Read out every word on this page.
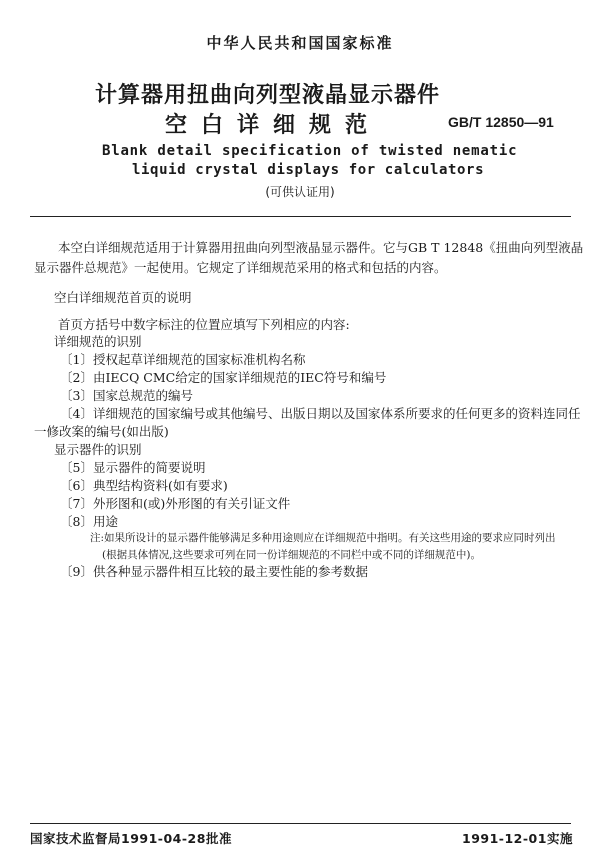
中华人民共和国国家标准
计算器用扭曲向列型液晶显示器件
空白详细规范	GB/T 12850—91
Blank detail specification of twisted nematic
liquid crystal displays for calculators
(可供认证用)
本空白详细规范适用于计算器用扭曲向列型液晶显示器件。它与GB T 12848《扭曲向列型液晶
显示器件总规范》一起使用。它规定了详细规范采用的格式和包括的内容。
空白详细规范首页的说明
首页方括号中数字标注的位置应填写下列相应的内容:
详细规范的识别
〔1〕授权起草详细规范的国家标准机构名称
〔2〕由IECQ CMC给定的国家详细规范的IEC符号和编号
〔3〕国家总规范的编号
〔4〕详细规范的国家编号或其他编号、出版日期以及国家体系所要求的任何更多的资料连同任
一修改案的编号(如出版)
显示器件的识别
〔5〕显示器件的简要说明
〔6〕典型结构资料(如有要求)
〔7〕外形图和(或)外形图的有关引证文件
〔8〕用途
注:如果所设计的显示器件能够满足多种用途则应在详细规范中指明。有关这些用途的要求应同时列出
(根据具体情况,这些要求可列在同一份详细规范的不同栏中或不同的详细规范中)。
〔9〕供各种显示器件相互比较的最主要性能的参考数据
国家技术监督局1991-04-28批准	1991-12-01实施
